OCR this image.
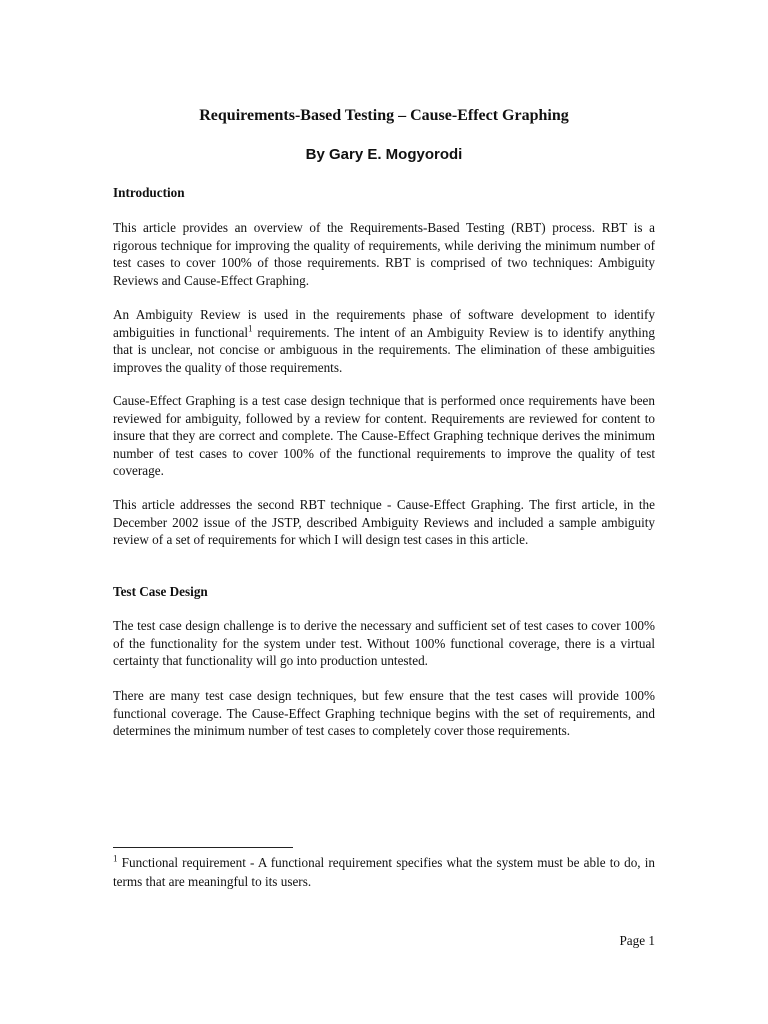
Requirements-Based Testing – Cause-Effect Graphing
By Gary E. Mogyorodi
Introduction
This article provides an overview of the Requirements-Based Testing (RBT) process. RBT is a rigorous technique for improving the quality of requirements, while deriving the minimum number of test cases to cover 100% of those requirements. RBT is comprised of two techniques: Ambiguity Reviews and Cause-Effect Graphing.
An Ambiguity Review is used in the requirements phase of software development to identify ambiguities in functional$^1$ requirements. The intent of an Ambiguity Review is to identify anything that is unclear, not concise or ambiguous in the requirements. The elimination of these ambiguities improves the quality of those requirements.
Cause-Effect Graphing is a test case design technique that is performed once requirements have been reviewed for ambiguity, followed by a review for content. Requirements are reviewed for content to insure that they are correct and complete. The Cause-Effect Graphing technique derives the minimum number of test cases to cover 100% of the functional requirements to improve the quality of test coverage.
This article addresses the second RBT technique - Cause-Effect Graphing. The first article, in the December 2002 issue of the JSTP, described Ambiguity Reviews and included a sample ambiguity review of a set of requirements for which I will design test cases in this article.
Test Case Design
The test case design challenge is to derive the necessary and sufficient set of test cases to cover 100% of the functionality for the system under test. Without 100% functional coverage, there is a virtual certainty that functionality will go into production untested.
There are many test case design techniques, but few ensure that the test cases will provide 100% functional coverage. The Cause-Effect Graphing technique begins with the set of requirements, and determines the minimum number of test cases to completely cover those requirements.
$^1$ Functional requirement - A functional requirement specifies what the system must be able to do, in terms that are meaningful to its users.
Page 1
